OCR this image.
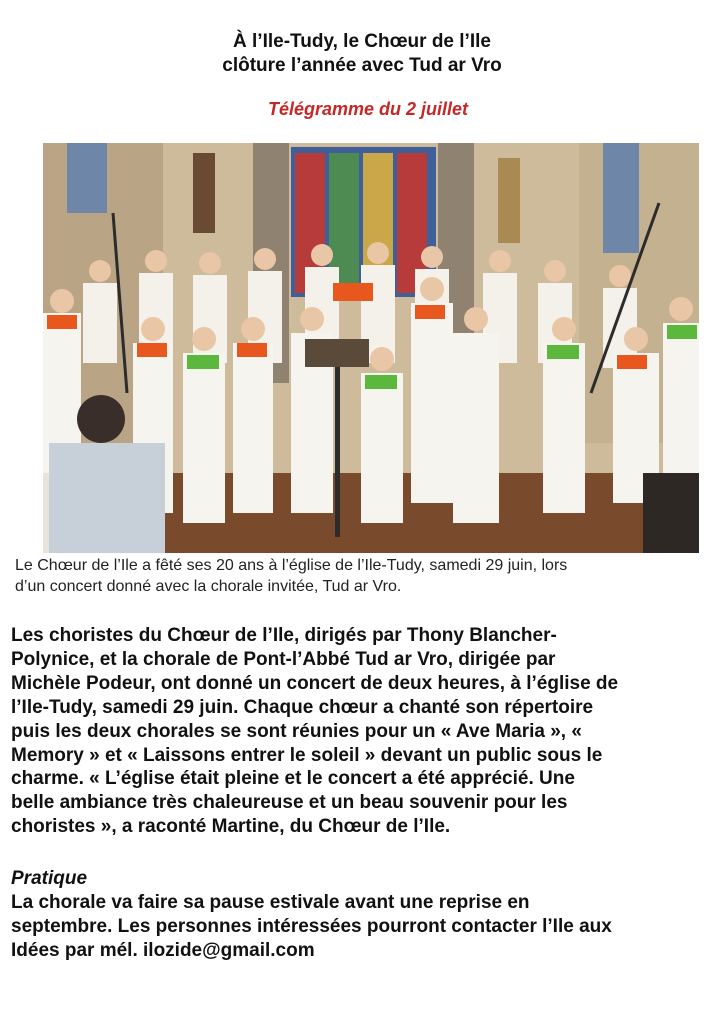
À l’Ile-Tudy, le Chœur de l’Ile
clôture l’année avec Tud ar Vro
Télégramme du 2 juillet
Le Chœur de l’Ile a fêté ses 20 ans à l’église de l’Ile-Tudy, samedi 29 juin, lors
d’un concert donné avec la chorale invitée, Tud ar Vro.
Les choristes du Chœur de l’Ile, dirigés par Thony Blancher-
Polynice, et la chorale de Pont-l’Abbé Tud ar Vro, dirigée par
Michèle Podeur, ont donné un concert de deux heures, à l’église de
l’Ile-Tudy, samedi 29 juin. Chaque chœur a chanté son répertoire
puis les deux chorales se sont réunies pour un « Ave Maria », «
Memory » et « Laissons entrer le soleil » devant un public sous le
charme. « L’église était pleine et le concert a été apprécié. Une
belle ambiance très chaleureuse et un beau souvenir pour les
choristes », a raconté Martine, du Chœur de l’Ile.
Pratique
La chorale va faire sa pause estivale avant une reprise en
septembre. Les personnes intéressées pourront contacter l’Ile aux
Idées par mél. ilozide@gmail.com
